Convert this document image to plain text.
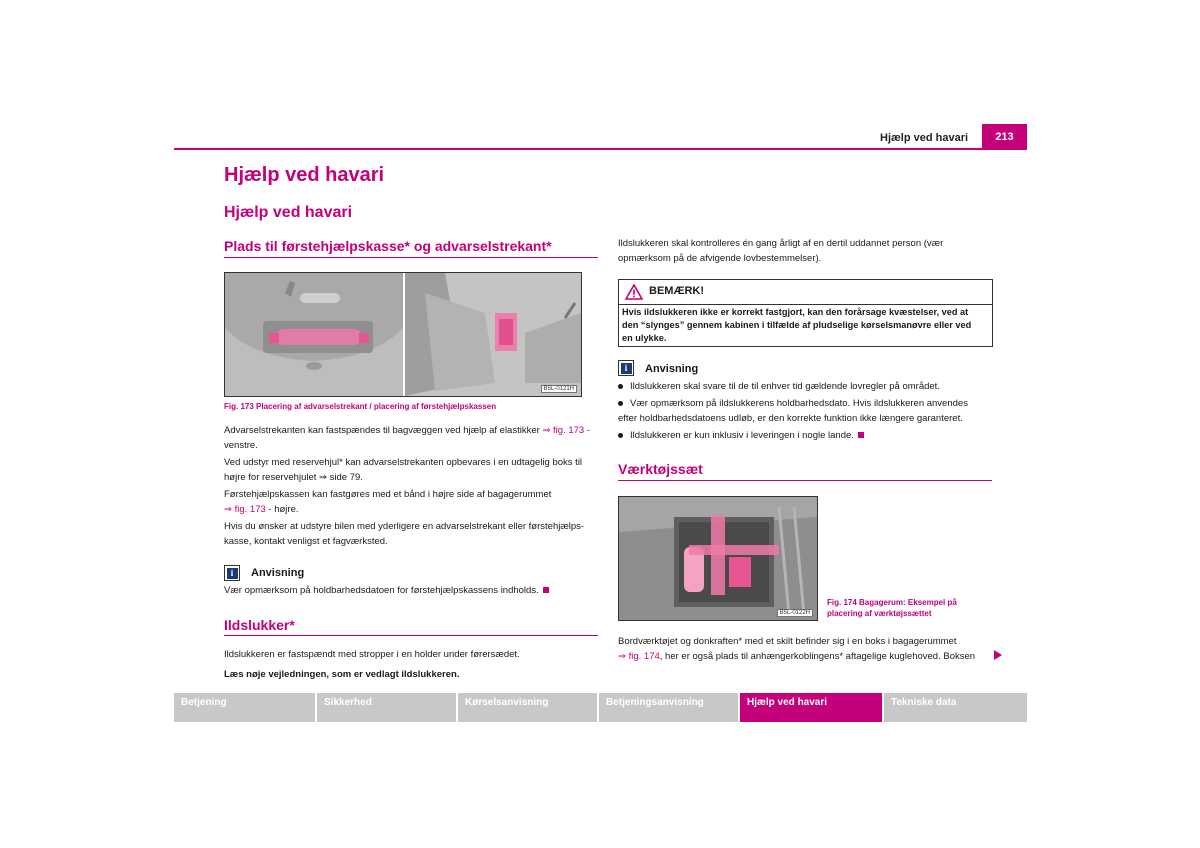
Hjælp ved havari	213
Hjælp ved havari
Hjælp ved havari
Plads til førstehjælpskasse* og advarselstrekant*
B5L-0121H
Fig. 173 Placering af advarselstrekant / placering af førstehjælpskassen
Advarselstrekanten kan fastspændes til bagvæggen ved hjælp af elastikker ⇒ fig. 173 -
venstre.
Ved udstyr med reservehjul* kan advarselstrekanten opbevares i en udtagelig boks til
højre for reservehjulet ⇒ side 79.
Førstehjælpskassen kan fastgøres med et bånd i højre side af bagagerummet
⇒ fig. 173 - højre.
Hvis du ønsker at udstyre bilen med yderligere en advarselstrekant eller førstehjælps-
kasse, kontakt venligst et fagværksted.
i	Anvisning
Vær opmærksom på holdbarhedsdatoen for førstehjælpskassens indholds.
Ildslukker*
Ildslukkeren er fastspændt med stropper i en holder under førersædet.
Læs nøje vejledningen, som er vedlagt ildslukkeren.
Ildslukkeren skal kontrolleres én gang årligt af en dertil uddannet person (vær
opmærksom på de afvigende lovbestemmelser).
BEMÆRK!
Hvis ildslukkeren ikke er korrekt fastgjort, kan den forårsage kvæstelser, ved at
den “slynges” gennem kabinen i tilfælde af pludselige kørselsmanøvre eller ved
en ulykke.
i	Anvisning
Ildslukkeren skal svare til de til enhver tid gældende lovregler på området.
Vær opmærksom på ildslukkerens holdbarhedsdato. Hvis ildslukkeren anvendes
efter holdbarhedsdatoens udløb, er den korrekte funktion ikke længere garanteret.
Ildslukkeren er kun inklusiv i leveringen i nogle lande.
Værktøjssæt
B5L-0122H
Fig. 174 Bagagerum: Eksempel på
placering af værktøjssættet
Bordværktøjet og donkraften* med et skilt befinder sig i en boks i bagagerummet
⇒ fig. 174, her er også plads til anhængerkoblingens* aftagelige kuglehoved. Boksen
Betjening	Sikkerhed	Kørselsanvisning	Betjeningsanvisning	Hjælp ved havari	Tekniske data
